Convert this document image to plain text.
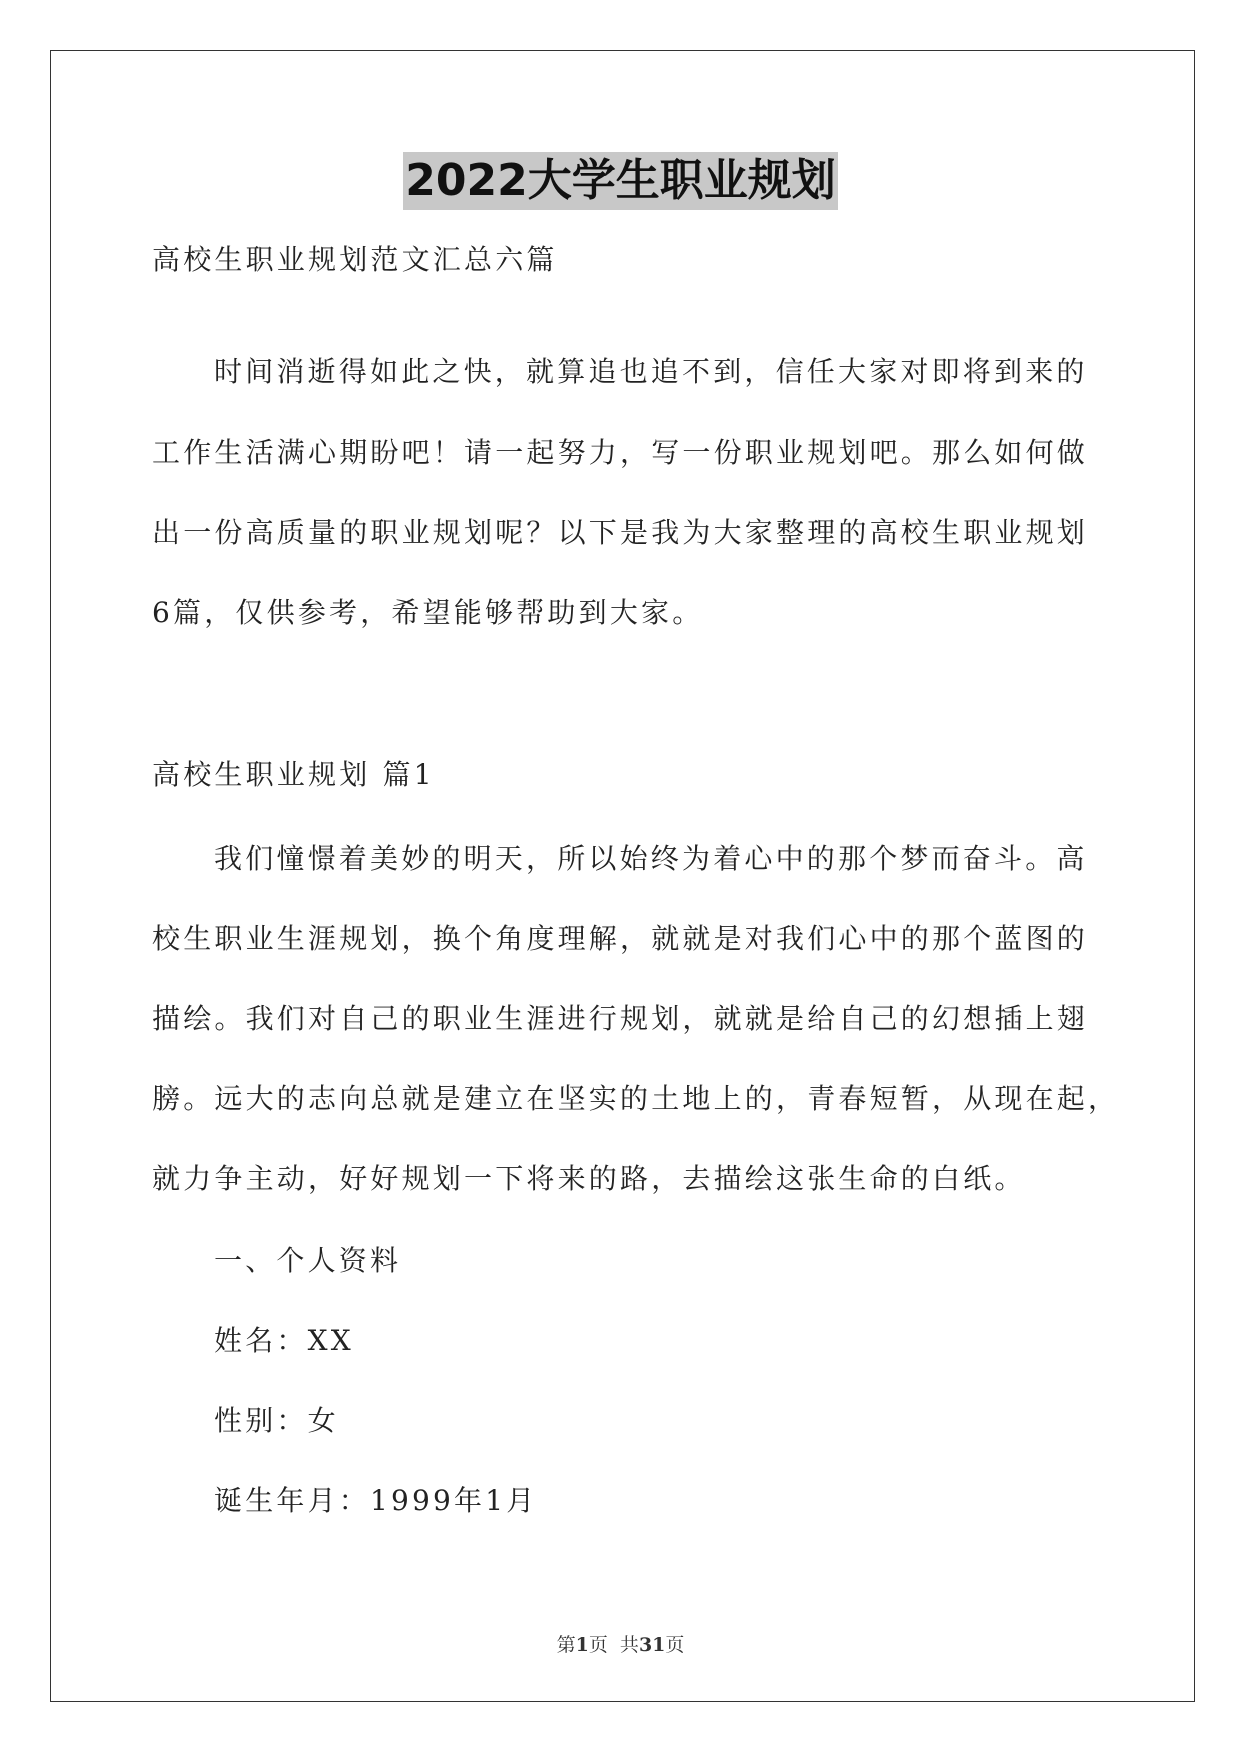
2022大学生职业规划
高校生职业规划范文汇总六篇
时间消逝得如此之快，就算追也追不到，信任大家对即将到来的
工作生活满心期盼吧！请一起努力，写一份职业规划吧。那么如何做
出一份高质量的职业规划呢？以下是我为大家整理的高校生职业规划
6篇，仅供参考，希望能够帮助到大家。
高校生职业规划 篇1
我们憧憬着美妙的明天，所以始终为着心中的那个梦而奋斗。高
校生职业生涯规划，换个角度理解，就就是对我们心中的那个蓝图的
描绘。我们对自己的职业生涯进行规划，就就是给自己的幻想插上翅
膀。远大的志向总就是建立在坚实的土地上的，青春短暂，从现在起，
就力争主动，好好规划一下将来的路，去描绘这张生命的白纸。
一、个人资料
姓名：XX
性别：女
诞生年月：1999年1月
第1页  共31页
